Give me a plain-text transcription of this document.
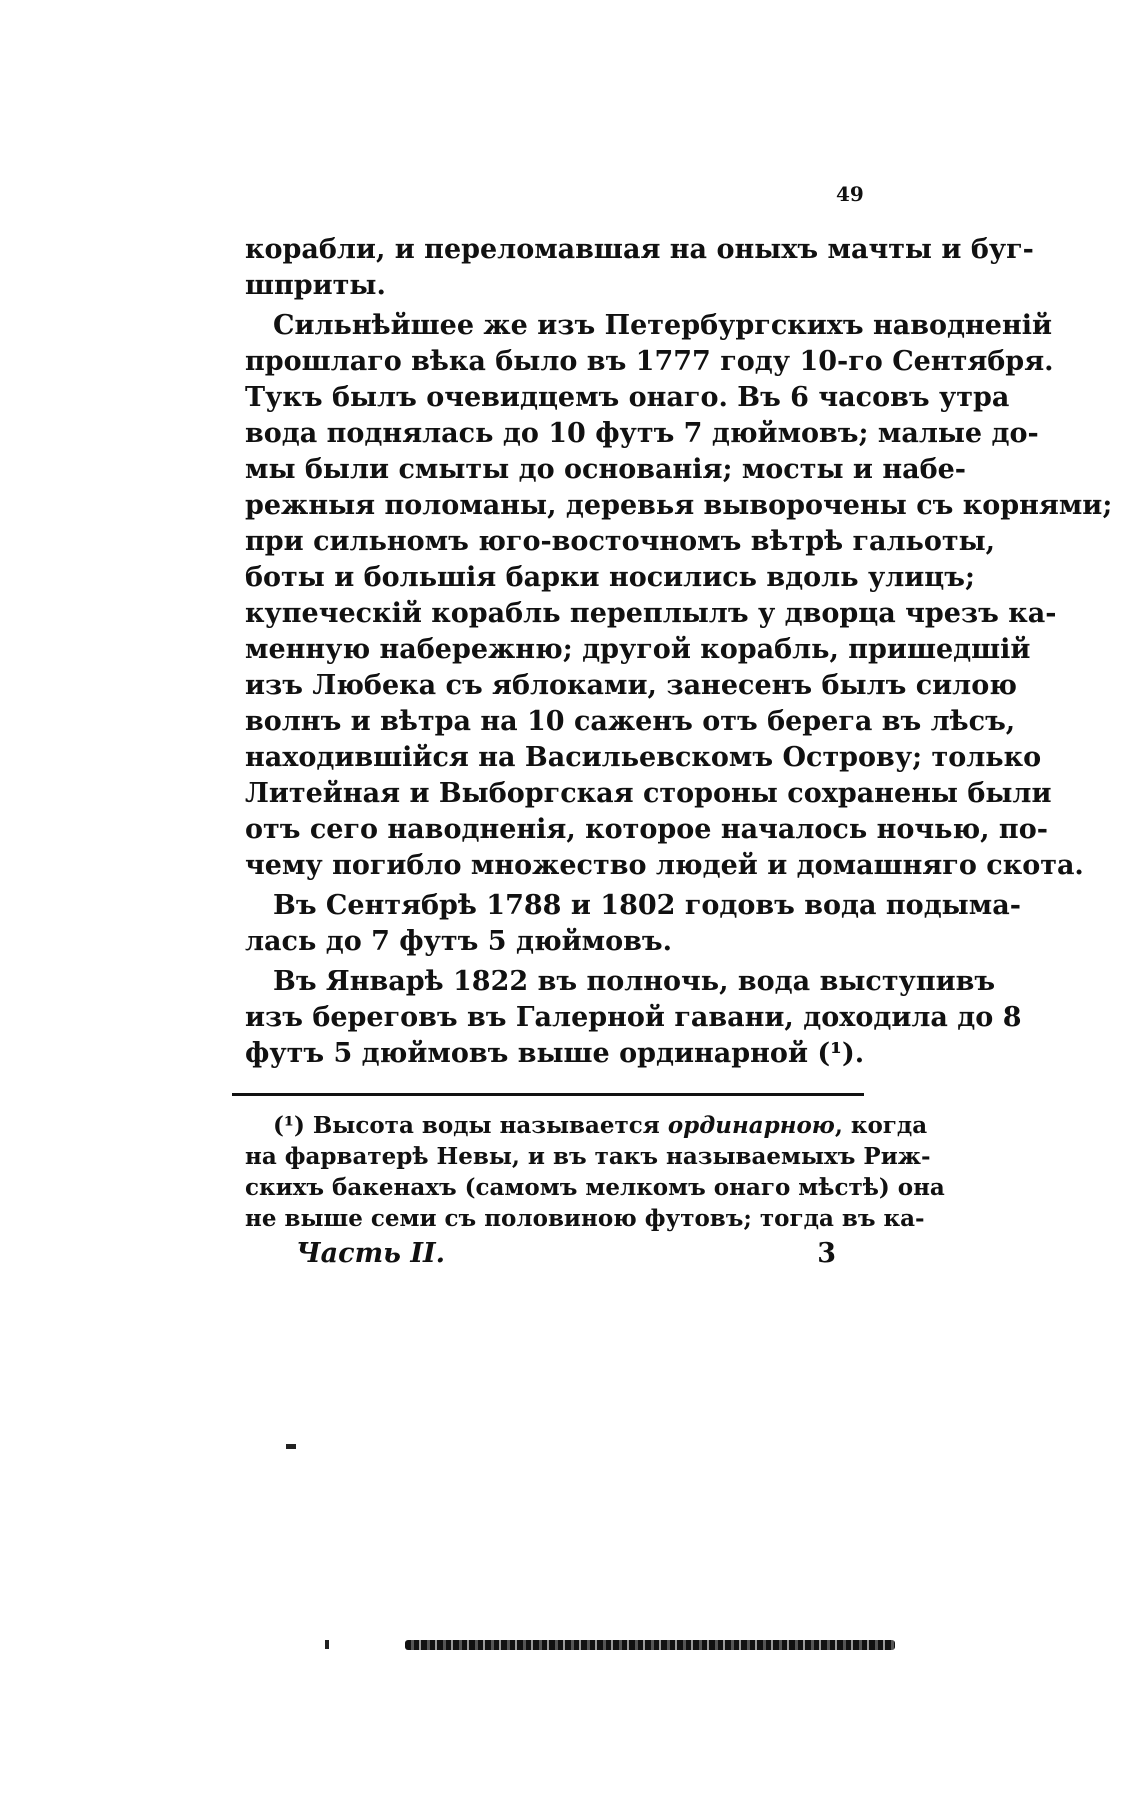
49
корабли, и переломавшая на оныхъ мачты и буг-
шприты.
Сильнѣйшее же изъ Петербургскихъ наводненій
прошлаго вѣка было въ 1777 году 10-го Сентября.
Тукъ былъ очевидцемъ онаго. Въ 6 часовъ утра
вода поднялась до 10 футъ 7 дюймовъ; малые до-
мы были смыты до основанія; мосты и набе-
режныя поломаны, деревья выворочены съ корнями;
при сильномъ юго-восточномъ вѣтрѣ гальоты,
боты и большія барки носились вдоль улицъ;
купеческій корабль переплылъ у дворца чрезъ ка-
менную набережню; другой корабль, пришедшій
изъ Любека съ яблоками, занесенъ былъ силою
волнъ и вѣтра на 10 саженъ отъ берега въ лѣсъ,
находившійся на Васильевскомъ Острову; только
Литейная и Выборгская стороны сохранены были
отъ сего наводненія, которое началось ночью, по-
чему погибло множество людей и домашняго скота.
Въ Сентябрѣ 1788 и 1802 годовъ вода подыма-
лась до 7 футъ 5 дюймовъ.
Въ Январѣ 1822 въ полночь, вода выступивъ
изъ береговъ въ Галерной гавани, доходила до 8
футъ 5 дюймовъ выше ординарной (¹).
(¹) Высота воды называется ординарною, когда
на фарватерѣ Невы, и въ такъ называемыхъ Риж-
скихъ бакенахъ (самомъ мелкомъ онаго мѣстѣ) она
не выше семи съ половиною футовъ; тогда въ ка-
Часть II.	3
